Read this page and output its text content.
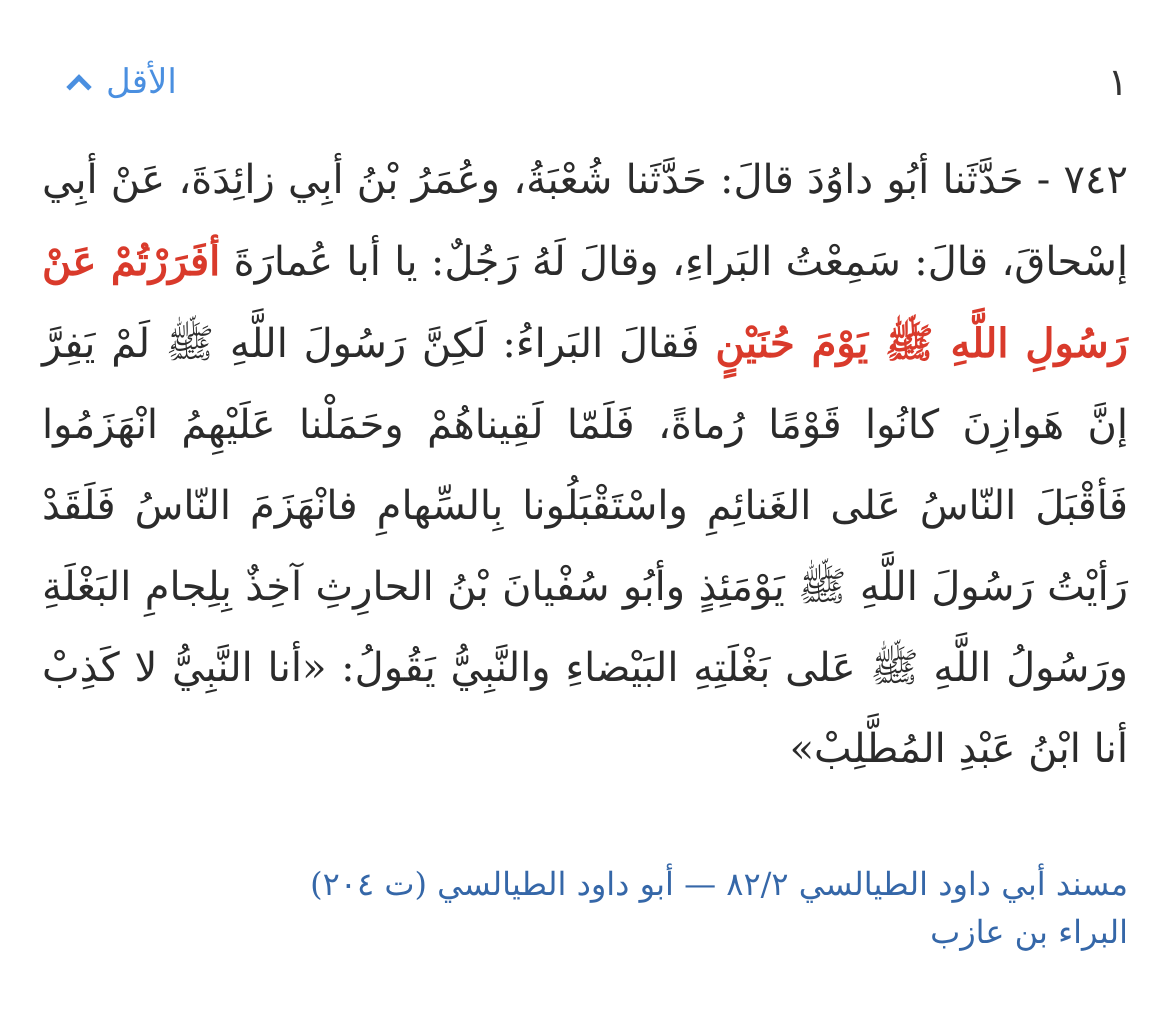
١
الأقل
٧٤٢ - حَدَّثَنا أبُو داوُدَ قالَ: حَدَّثَنا شُعْبَةُ، وعُمَرُ بْنُ أبِي زائِدَةَ، عَنْ أبِي إسْحاقَ، قالَ: سَمِعْتُ البَراءِ، وقالَ لَهُ رَجُلٌ: يا أبا عُمارَةَ أفَرَرْتُمْ عَنْ رَسُولِ اللَّهِ ﷺ يَوْمَ حُنَيْنٍ فَقالَ البَراءُ: لَكِنَّ رَسُولَ اللَّهِ ﷺ لَمْ يَفِرَّ إنَّ هَوازِنَ كانُوا قَوْمًا رُماةً، فَلَمّا لَقِيناهُمْ وحَمَلْنا عَلَيْهِمُ انْهَزَمُوا فَأقْبَلَ النّاسُ عَلى الغَنائِمِ واسْتَقْبَلُونا بِالسِّهامِ فانْهَزَمَ النّاسُ فَلَقَدْ رَأيْتُ رَسُولَ اللَّهِ ﷺ يَوْمَئِذٍ وأبُو سُفْيانَ بْنُ الحارِثِ آخِذٌ بِلِجامِ البَغْلَةِ ورَسُولُ اللَّهِ ﷺ عَلى بَغْلَتِهِ البَيْضاءِ والنَّبِيُّ يَقُولُ: «أنا النَّبِيُّ لا كَذِبْ أنا ابْنُ عَبْدِ المُطَّلِبْ»
مسند أبي داود الطيالسي ٨٢/٢ — أبو داود الطيالسي (ت ٢٠٤)
البراء بن عازب
